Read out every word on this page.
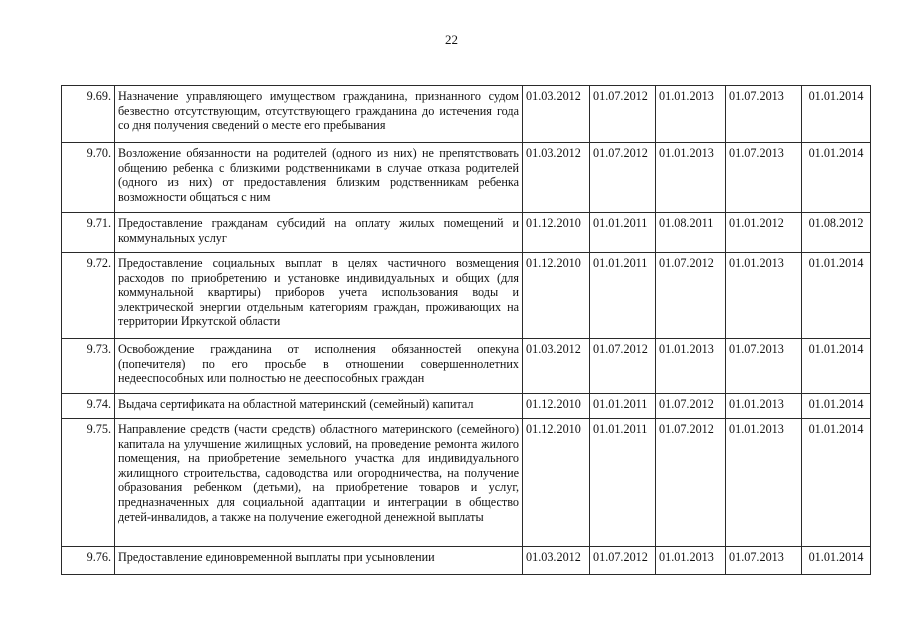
22
9.69.	Назначение управляющего имуществом гражданина, признанного судом безвестно отсутствующим, отсутствующего гражданина до истечения года со дня получения сведений о месте его пребывания	01.03.2012	01.07.2012	01.01.2013	01.07.2013	01.01.2014
9.70.	Возложение обязанности на родителей (одного из них) не препятствовать общению ребенка с близкими родственниками в случае отказа родителей (одного из них) от предоставления близким родственникам ребенка возможности общаться с ним	01.03.2012	01.07.2012	01.01.2013	01.07.2013	01.01.2014
9.71.	Предоставление гражданам субсидий на оплату жилых помещений и коммунальных услуг	01.12.2010	01.01.2011	01.08.2011	01.01.2012	01.08.2012
9.72.	Предоставление социальных выплат в целях частичного возмещения расходов по приобретению и установке индивидуальных и общих (для коммунальной квартиры) приборов учета использования воды и электрической энергии отдельным категориям граждан, проживающих на территории Иркутской области	01.12.2010	01.01.2011	01.07.2012	01.01.2013	01.01.2014
9.73.	Освобождение гражданина от исполнения обязанностей опекуна (попечителя) по его просьбе в отношении совершеннолетних недееспособных или полностью не дееспособных граждан	01.03.2012	01.07.2012	01.01.2013	01.07.2013	01.01.2014
9.74.	Выдача сертификата на областной материнский (семейный) капитал	01.12.2010	01.01.2011	01.07.2012	01.01.2013	01.01.2014
9.75.	Направление средств (части средств) областного материнского (семейного) капитала на улучшение жилищных условий, на проведение ремонта жилого помещения, на приобретение земельного участка для индивидуального жилищного строительства, садоводства или огородничества, на получение образования ребенком (детьми), на приобретение товаров и услуг, предназначенных для социальной адаптации и интеграции в общество детей-инвалидов, а также на получение ежегодной денежной выплаты	01.12.2010	01.01.2011	01.07.2012	01.01.2013	01.01.2014
9.76.	Предоставление единовременной выплаты при усыновлении	01.03.2012	01.07.2012	01.01.2013	01.07.2013	01.01.2014
